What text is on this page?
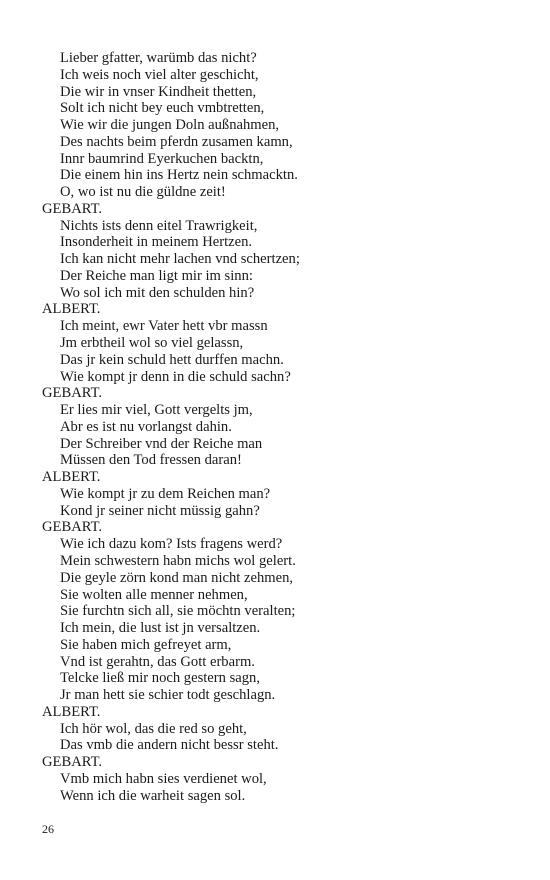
Lieber gfatter, warümb das nicht?
Ich weis noch viel alter geschicht,
Die wir in vnser Kindheit thetten,
Solt ich nicht bey euch vmbtretten,
Wie wir die jungen Doln außnahmen,
Des nachts beim pferdn zusamen kamn,
Innr baumrind Eyerkuchen backtn,
Die einem hin ins Hertz nein schmacktn.
O, wo ist nu die güldne zeit!
GEBART.
Nichts ists denn eitel Trawrigkeit,
Insonderheit in meinem Hertzen.
Ich kan nicht mehr lachen vnd schertzen;
Der Reiche man ligt mir im sinn:
Wo sol ich mit den schulden hin?
ALBERT.
Ich meint, ewr Vater hett vbr massn
Jm erbtheil wol so viel gelassn,
Das jr kein schuld hett durffen machn.
Wie kompt jr denn in die schuld sachn?
GEBART.
Er lies mir viel, Gott vergelts jm,
Abr es ist nu vorlangst dahin.
Der Schreiber vnd der Reiche man
Müssen den Tod fressen daran!
ALBERT.
Wie kompt jr zu dem Reichen man?
Kond jr seiner nicht müssig gahn?
GEBART.
Wie ich dazu kom? Ists fragens werd?
Mein schwestern habn michs wol gelert.
Die geyle zörn kond man nicht zehmen,
Sie wolten alle menner nehmen,
Sie furchtn sich all, sie möchtn veralten;
Ich mein, die lust ist jn versaltzen.
Sie haben mich gefreyet arm,
Vnd ist gerahtn, das Gott erbarm.
Telcke ließ mir noch gestern sagn,
Jr man hett sie schier todt geschlagn.
ALBERT.
Ich hör wol, das die red so geht,
Das vmb die andern nicht bessr steht.
GEBART.
Vmb mich habn sies verdienet wol,
Wenn ich die warheit sagen sol.
26
